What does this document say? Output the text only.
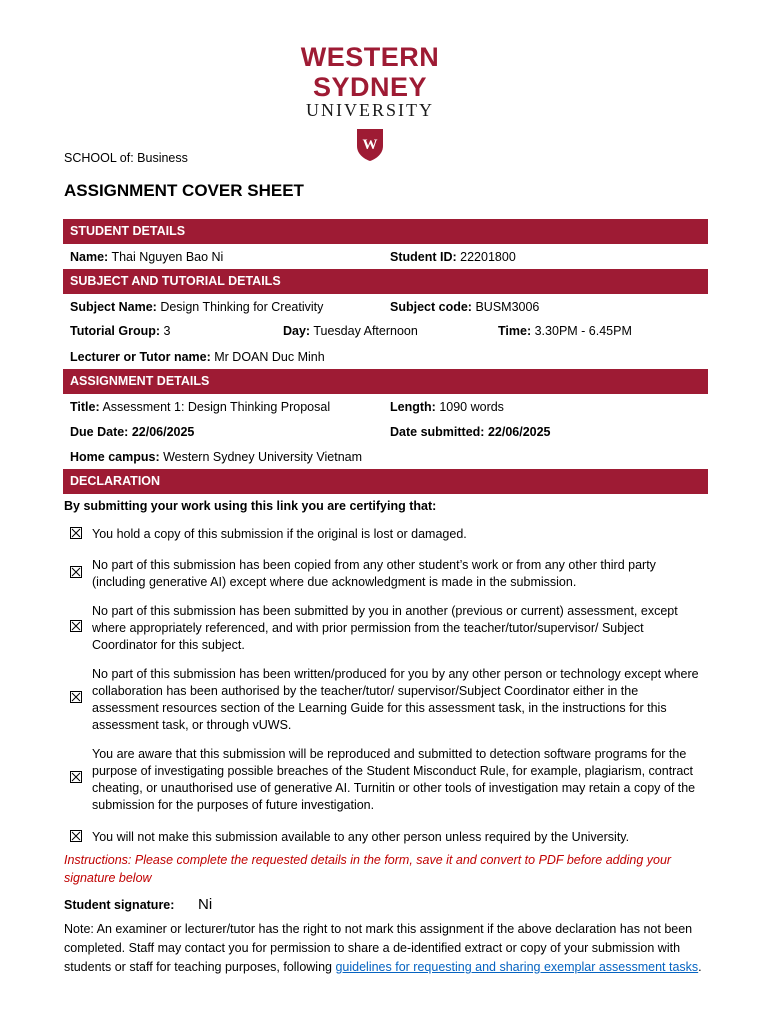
WESTERN SYDNEY
UNIVERSITY
W
SCHOOL of: Business
ASSIGNMENT COVER SHEET
STUDENT DETAILS
Name: Thai Nguyen Bao Ni	Student ID: 22201800
SUBJECT AND TUTORIAL DETAILS
Subject Name: Design Thinking for Creativity	Subject code: BUSM3006
Tutorial Group: 3	Day: Tuesday Afternoon	Time: 3.30PM - 6.45PM
Lecturer or Tutor name: Mr DOAN Duc Minh
ASSIGNMENT DETAILS
Title: Assessment 1: Design Thinking Proposal	Length: 1090 words
Due Date: 22/06/2025	Date submitted: 22/06/2025
Home campus: Western Sydney University Vietnam
DECLARATION
By submitting your work using this link you are certifying that:
You hold a copy of this submission if the original is lost or damaged.
No part of this submission has been copied from any other student’s work or from any other third party (including generative AI) except where due acknowledgment is made in the submission.
No part of this submission has been submitted by you in another (previous or current) assessment, except where appropriately referenced, and with prior permission from the teacher/tutor/supervisor/ Subject Coordinator for this subject.
No part of this submission has been written/produced for you by any other person or technology except where collaboration has been authorised by the teacher/tutor/ supervisor/Subject Coordinator either in the assessment resources section of the Learning Guide for this assessment task, in the instructions for this assessment task, or through vUWS.
You are aware that this submission will be reproduced and submitted to detection software programs for the purpose of investigating possible breaches of the Student Misconduct Rule, for example, plagiarism, contract cheating, or unauthorised use of generative AI. Turnitin or other tools of investigation may retain a copy of the submission for the purposes of future investigation.
You will not make this submission available to any other person unless required by the University.
Instructions: Please complete the requested details in the form, save it and convert to PDF before adding your signature below
Student signature: Ni
Note: An examiner or lecturer/tutor has the right to not mark this assignment if the above declaration has not been completed. Staff may contact you for permission to share a de-identified extract or copy of your submission with students or staff for teaching purposes, following guidelines for requesting and sharing exemplar assessment tasks.
